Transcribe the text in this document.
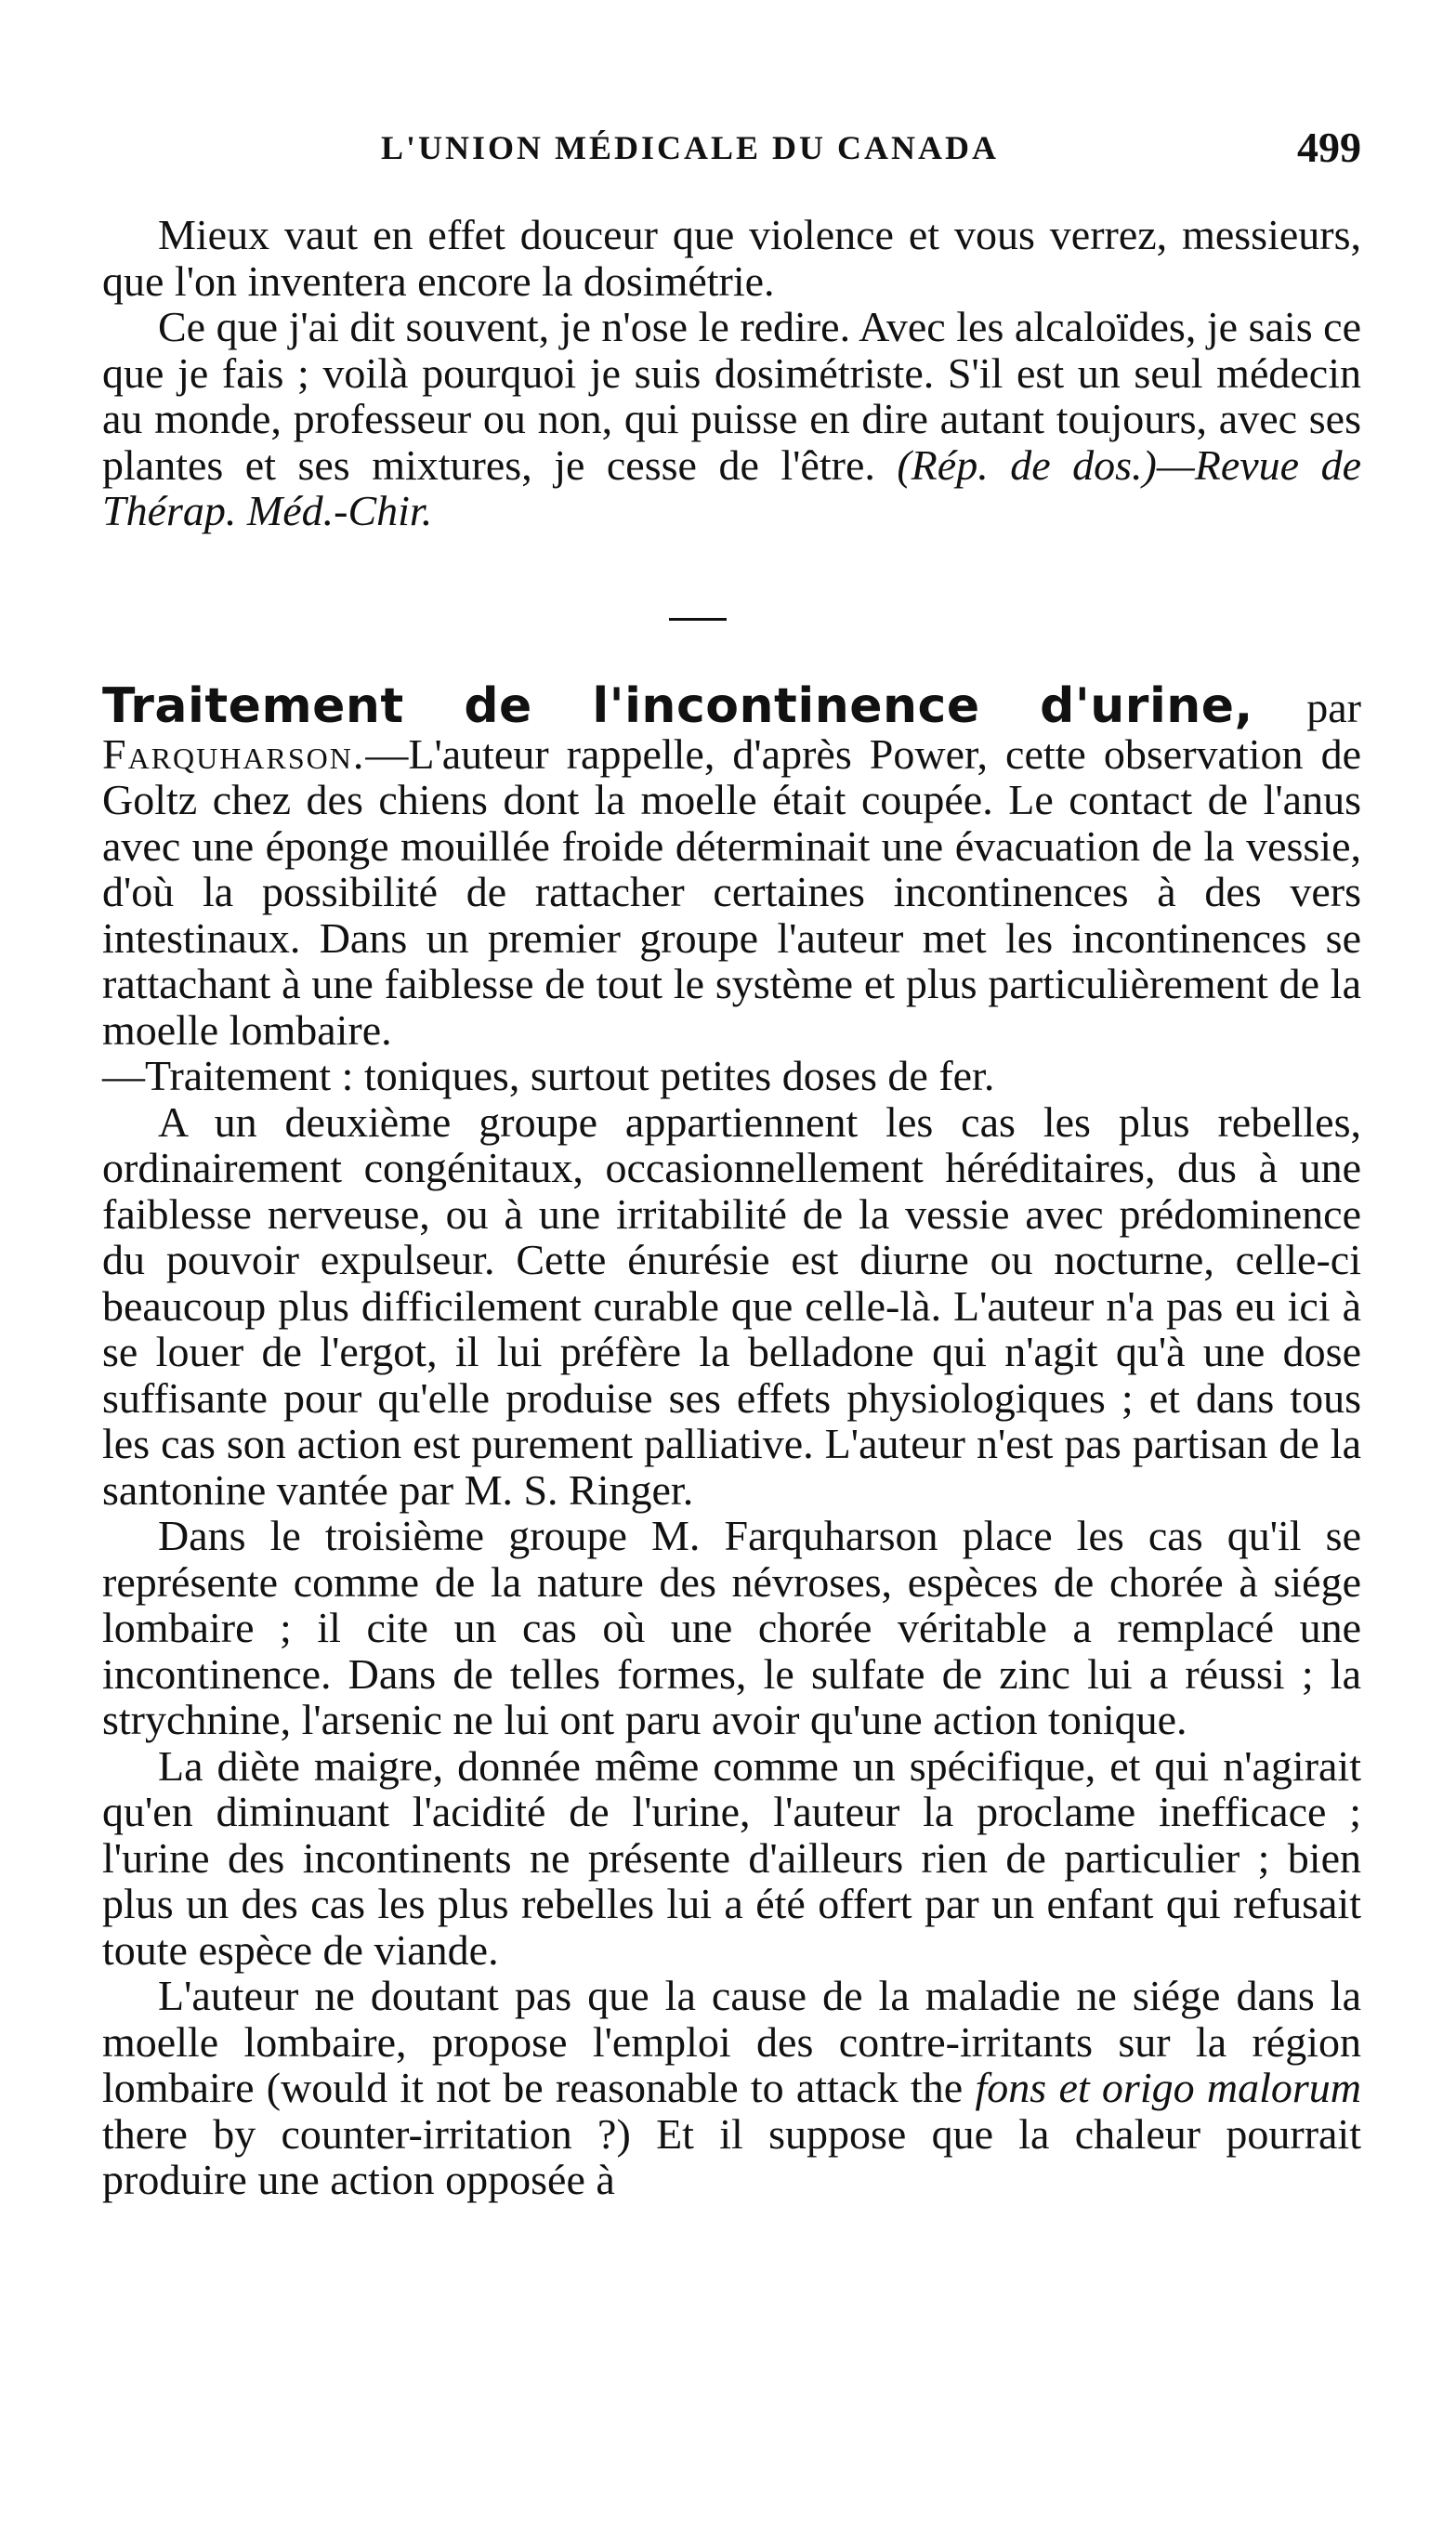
L'UNION MÉDICALE DU CANADA	499

Mieux vaut en effet douceur que violence et vous verrez, messieurs, que l'on inventera encore la dosimétrie.

Ce que j'ai dit souvent, je n'ose le redire. Avec les alcaloïdes, je sais ce que je fais ; voilà pourquoi je suis dosimétriste. S'il est un seul médecin au monde, professeur ou non, qui puisse en dire autant toujours, avec ses plantes et ses mixtures, je cesse de l'être. (Rép. de dos.)—Revue de Thérap. Méd.-Chir.

Traitement de l'incontinence d'urine, par Farquharson.—L'auteur rappelle, d'après Power, cette observation de Goltz chez des chiens dont la moelle était coupée. Le contact de l'anus avec une éponge mouillée froide déterminait une évacuation de la vessie, d'où la possibilité de rattacher certaines incontinences à des vers intestinaux. Dans un premier groupe l'auteur met les incontinences se rattachant à une faiblesse de tout le système et plus particulièrement de la moelle lombaire.

—Traitement : toniques, surtout petites doses de fer.

A un deuxième groupe appartiennent les cas les plus rebelles, ordinairement congénitaux, occasionnellement héréditaires, dus à une faiblesse nerveuse, ou à une irritabilité de la vessie avec prédominence du pouvoir expulseur. Cette énurésie est diurne ou nocturne, celle-ci beaucoup plus difficilement curable que celle-là. L'auteur n'a pas eu ici à se louer de l'ergot, il lui préfère la belladone qui n'agit qu'à une dose suffisante pour qu'elle produise ses effets physiologiques ; et dans tous les cas son action est purement palliative. L'auteur n'est pas partisan de la santonine vantée par M. S. Ringer.

Dans le troisième groupe M. Farquharson place les cas qu'il se représente comme de la nature des névroses, espèces de chorée à siége lombaire ; il cite un cas où une chorée véritable a remplacé une incontinence. Dans de telles formes, le sulfate de zinc lui a réussi ; la strychnine, l'arsenic ne lui ont paru avoir qu'une action tonique.

La diète maigre, donnée même comme un spécifique, et qui n'agirait qu'en diminuant l'acidité de l'urine, l'auteur la proclame inefficace ; l'urine des incontinents ne présente d'ailleurs rien de particulier ; bien plus un des cas les plus rebelles lui a été offert par un enfant qui refusait toute espèce de viande.

L'auteur ne doutant pas que la cause de la maladie ne siége dans la moelle lombaire, propose l'emploi des contre-irritants sur la région lombaire (would it not be reasonable to attack the fons et origo malorum there by counter-irritation ?) Et il suppose que la chaleur pourrait produire une action opposée à
